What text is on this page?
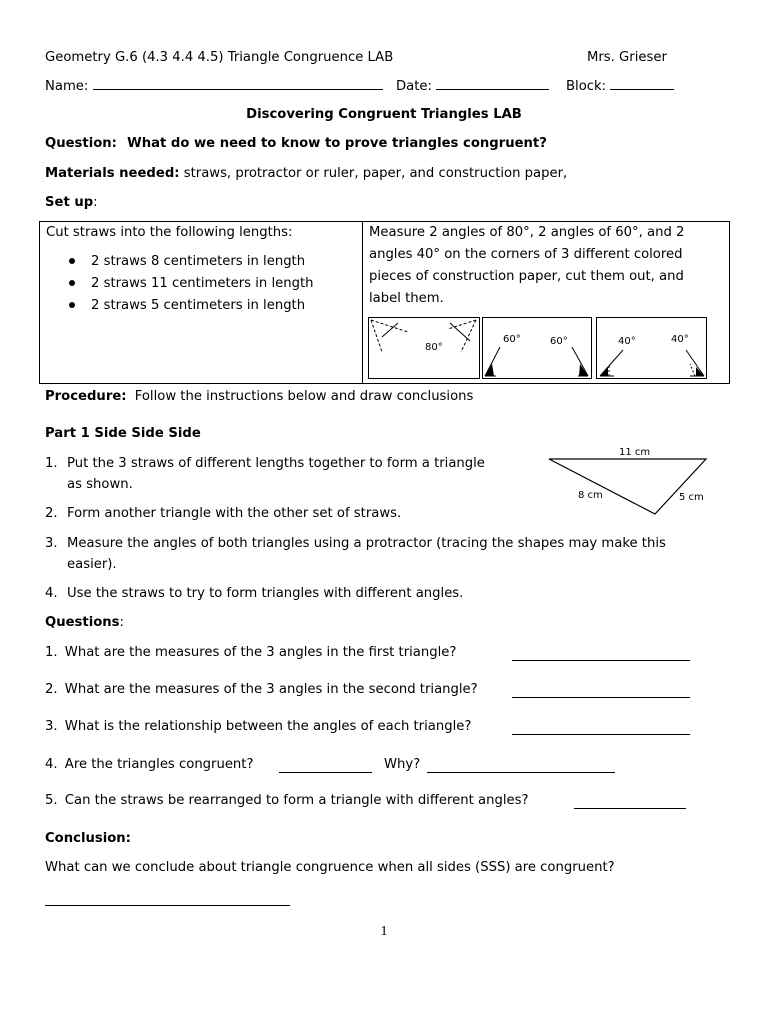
Geometry G.6 (4.3 4.4 4.5) Triangle Congruence LAB	Mrs. Grieser
Name:	Date:	Block:
Discovering Congruent Triangles LAB
Question: What do we need to know to prove triangles congruent?
Materials needed: straws, protractor or ruler, paper, and construction paper,
Set up:
Cut straws into the following lengths:
2 straws 8 centimeters in length
2 straws 11 centimeters in length
2 straws 5 centimeters in length
Measure 2 angles of 80°, 2 angles of 60°, and 2
angles 40° on the corners of 3 different colored
pieces of construction paper, cut them out, and
label them.
80°
60°	60°	40°	40°
Procedure: Follow the instructions below and draw conclusions
Part 1 Side Side Side
1. Put the 3 straws of different lengths together to form a triangle
as shown.
2. Form another triangle with the other set of straws.
3. Measure the angles of both triangles using a protractor (tracing the shapes may make this
easier).
4. Use the straws to try to form triangles with different angles.
11 cm
8 cm	5 cm
Questions:
1. What are the measures of the 3 angles in the first triangle?
2. What are the measures of the 3 angles in the second triangle?
3. What is the relationship between the angles of each triangle?
4. Are the triangles congruent?	Why?
5. Can the straws be rearranged to form a triangle with different angles?
Conclusion:
What can we conclude about triangle congruence when all sides (SSS) are congruent?
1
